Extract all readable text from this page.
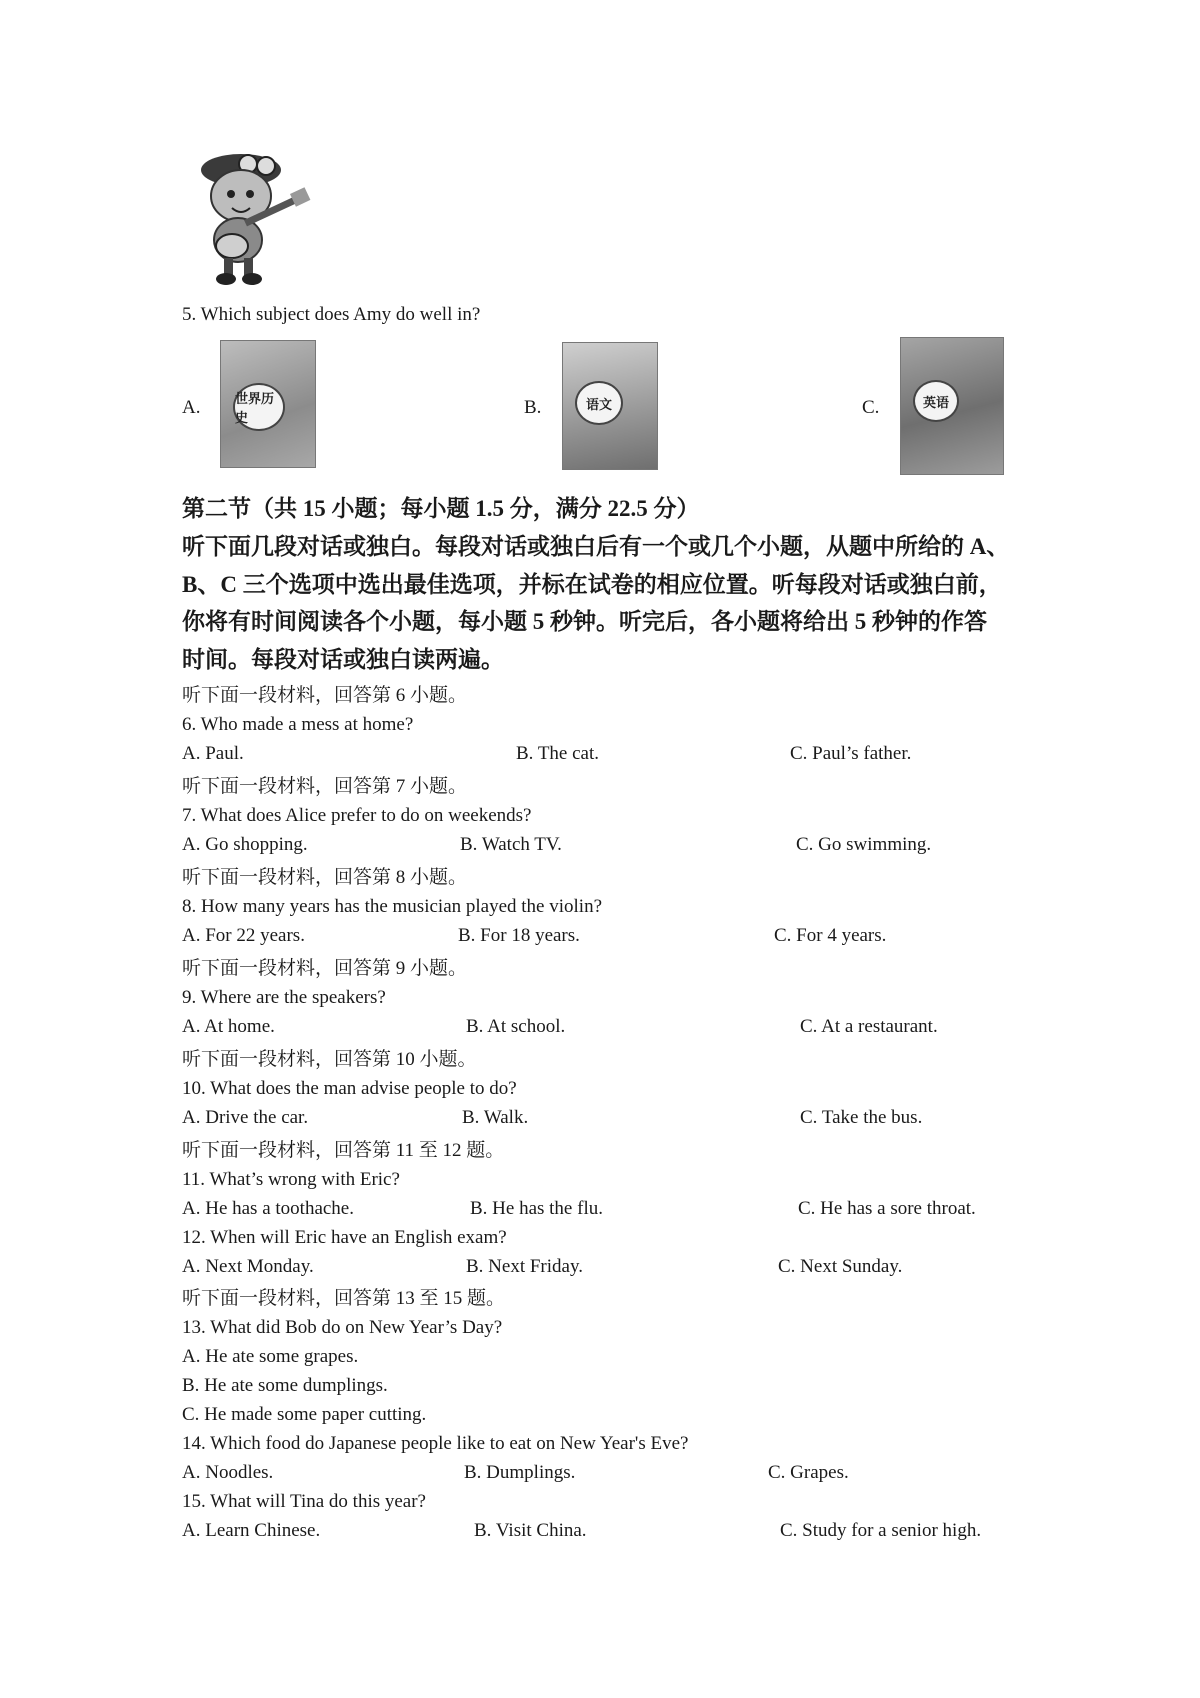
5. Which subject does Amy do well in?
A.	世界历史
B.	语文	C.	英语
第二节（共 15 小题；每小题 1.5 分，满分 22.5 分）
听下面几段对话或独白。每段对话或独白后有一个或几个小题，从题中所给的 A、
B、C 三个选项中选出最佳选项，并标在试卷的相应位置。听每段对话或独白前，
你将有时间阅读各个小题，每小题 5 秒钟。听完后，各小题将给出 5 秒钟的作答
时间。每段对话或独白读两遍。
听下面一段材料，回答第 6 小题。
6. Who made a mess at home?
A. Paul.	B. The cat.	C. Paul’s father.
听下面一段材料，回答第 7 小题。
7. What does Alice prefer to do on weekends?
A. Go shopping.	B. Watch TV.	C. Go swimming.
听下面一段材料，回答第 8 小题。
8. How many years has the musician played the violin?
A. For 22 years.	B. For 18 years.	C. For 4 years.
听下面一段材料，回答第 9 小题。
9. Where are the speakers?
A. At home.	B. At school.	C. At a restaurant.
听下面一段材料，回答第 10 小题。
10. What does the man advise people to do?
A. Drive the car.	B. Walk.	C. Take the bus.
听下面一段材料，回答第 11 至 12 题。
11. What’s wrong with Eric?
A. He has a toothache.	B. He has the flu.	C. He has a sore throat.
12. When will Eric have an English exam?
A. Next Monday.	B. Next Friday.	C. Next Sunday.
听下面一段材料，回答第 13 至 15 题。
13. What did Bob do on New Year’s Day?
A. He ate some grapes.
B. He ate some dumplings.
C. He made some paper cutting.
14. Which food do Japanese people like to eat on New Year's Eve?
A. Noodles.	B. Dumplings.	C. Grapes.
15. What will Tina do this year?
A. Learn Chinese.	B. Visit China.	C. Study for a senior high.
